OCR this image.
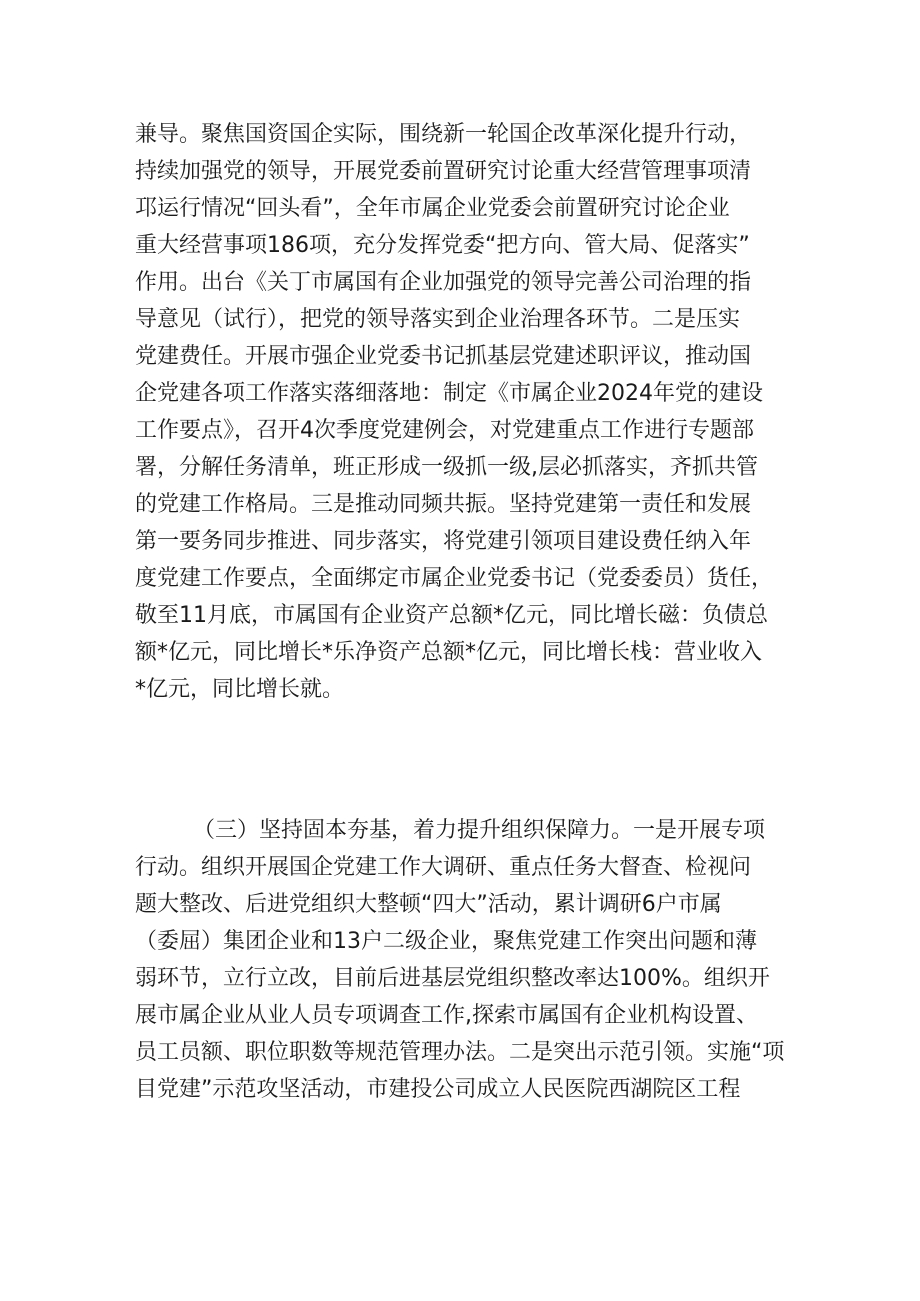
兼导。聚焦国资国企实际，围绕新一轮国企改革深化提升行动，
持续加强党的领导，开展党委前置研究讨论重大经营管理事项清
邛运行情况“回头看”，全年市属企业党委会前置研究讨论企业
重大经营事项186项，充分发挥党委“把方向、管大局、促落实”
作用。出台《关丁市属国有企业加强党的领导完善公司治理的指
导意见（试行），把党的领导落实到企业治理各环节。二是压实
党建费任。开展市强企业党委书记抓基层党建述职评议，推动国
企党建各项工作落实落细落地：制定《市属企业2024年党的建设
工作要点》，召开4次季度党建例会，对党建重点工作进行专题部
署，分解任务清单，班正形成一级抓一级,层必抓落实，齐抓共管
的党建工作格局。三是推动同频共振。坚持党建第一责任和发展
第一要务同步推进、同步落实，将党建引领项目建设费任纳入年
度党建工作要点，全面绑定市属企业党委书记（党委委员）货任，
敬至11月底，市属国有企业资产总额*亿元，同比增长磁：负债总
额*亿元，同比增长*乐净资产总额*亿元，同比增长栈：营业收入
*亿元，同比增长就。
（三）坚持固本夯基，着力提升组织保障力。一是开展专项
行动。组织开展国企党建工作大调研、重点任务大督查、检视问
题大整改、后进党组织大整顿“四大”活动，累计调研6户市属
（委屈）集团企业和13户二级企业，聚焦党建工作突出问题和薄
弱环节，立行立改，目前后进基层党组织整改率达100%。组织开
展市属企业从业人员专项调查工作,探索市属国有企业机构设置、
员工员额、职位职数等规范管理办法。二是突出示范引领。实施“项
目党建”示范攻坚活动，市建投公司成立人民医院西湖院区工程
